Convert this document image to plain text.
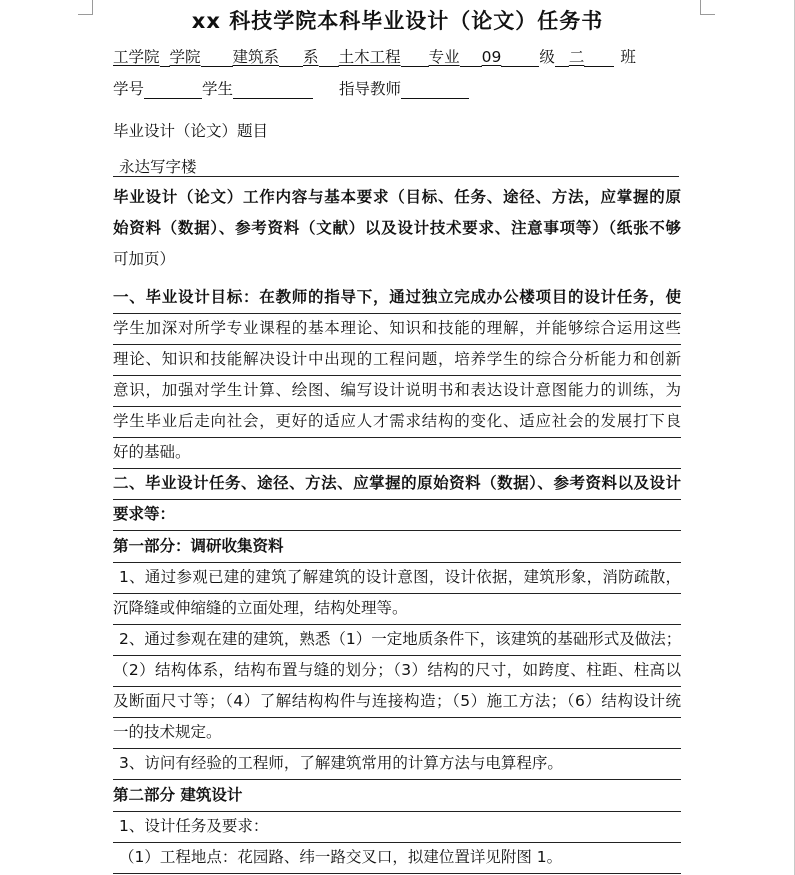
xx 科技学院本科毕业设计（论文）任务书
工学院 学院 建筑系 系 土木工程 专业 09 级 二 班
学号	学生	指导教师
毕业设计（论文）题目
永达写字楼
毕业设计（论文）工作内容与基本要求（目标、任务、途径、方法，应掌握的原
始资料（数据）、参考资料（文献）以及设计技术要求、注意事项等）（纸张不够
可加页）
一、毕业设计目标：在教师的指导下，通过独立完成办公楼项目的设计任务，使
学生加深对所学专业课程的基本理论、知识和技能的理解，并能够综合运用这些
理论、知识和技能解决设计中出现的工程问题，培养学生的综合分析能力和创新
意识，加强对学生计算、绘图、编写设计说明书和表达设计意图能力的训练，为
学生毕业后走向社会，更好的适应人才需求结构的变化、适应社会的发展打下良
好的基础。
二、毕业设计任务、途径、方法、应掌握的原始资料（数据）、参考资料以及设计
要求等：
第一部分：调研收集资料
1、通过参观已建的建筑了解建筑的设计意图，设计依据，建筑形象，消防疏散，
沉降缝或伸缩缝的立面处理，结构处理等。
2、通过参观在建的建筑，熟悉（1）一定地质条件下，该建筑的基础形式及做法；
（2）结构体系，结构布置与缝的划分；（3）结构的尺寸，如跨度、柱距、柱高以
及断面尺寸等；（4）了解结构构件与连接构造；（5）施工方法；（6）结构设计统
一的技术规定。
3、访问有经验的工程师，了解建筑常用的计算方法与电算程序。
第二部分 建筑设计
1、设计任务及要求：
（1）工程地点：花园路、纬一路交叉口，拟建位置详见附图 1。
